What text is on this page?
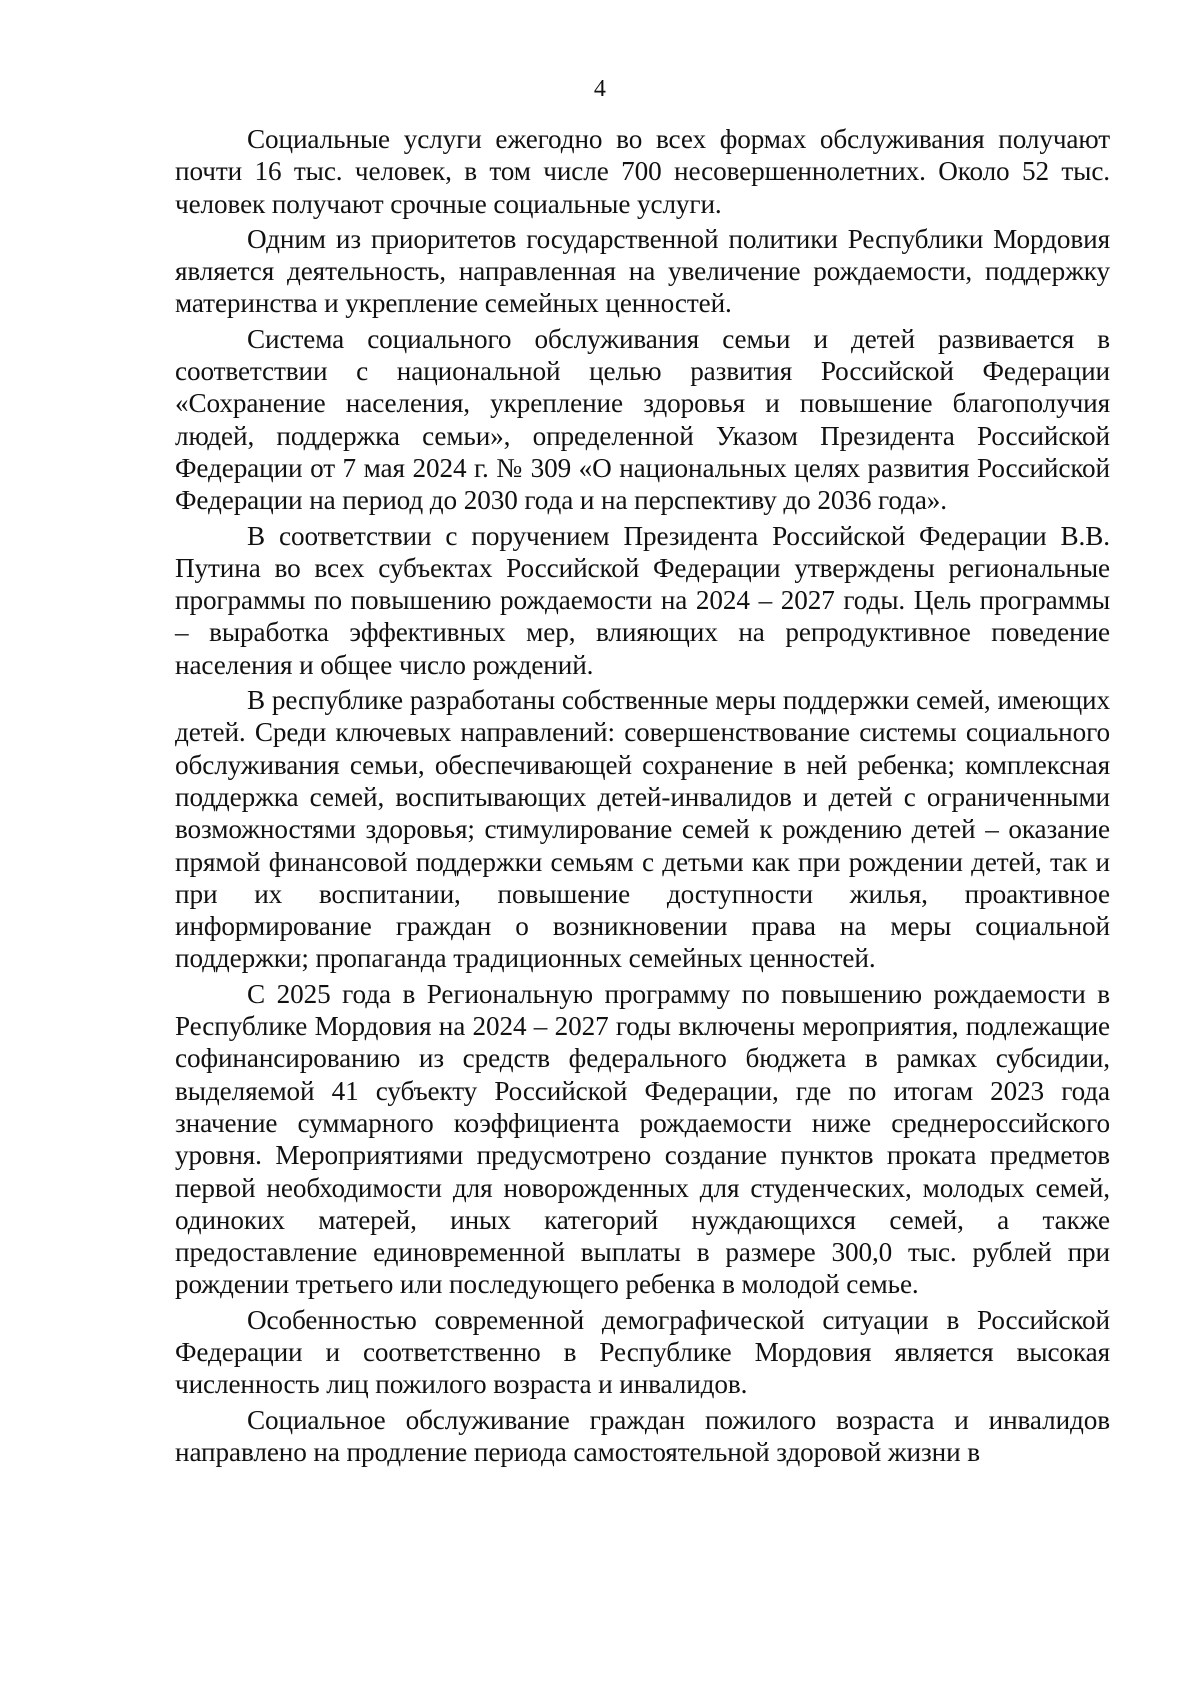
4

Социальные услуги ежегодно во всех формах обслуживания получают почти 16 тыс. человек, в том числе 700 несовершеннолетних. Около 52 тыс. человек получают срочные социальные услуги.

Одним из приоритетов государственной политики Республики Мордовия является деятельность, направленная на увеличение рождаемости, поддержку материнства и укрепление семейных ценностей.

Система социального обслуживания семьи и детей развивается в соответствии с национальной целью развития Российской Федерации «Сохранение населения, укрепление здоровья и повышение благополучия людей, поддержка семьи», определенной Указом Президента Российской Федерации от 7 мая 2024 г. № 309 «О национальных целях развития Российской Федерации на период до 2030 года и на перспективу до 2036 года».

В соответствии с поручением Президента Российской Федерации В.В. Путина во всех субъектах Российской Федерации утверждены региональные программы по повышению рождаемости на 2024 – 2027 годы. Цель программы – выработка эффективных мер, влияющих на репродуктивное поведение населения и общее число рождений.

В республике разработаны собственные меры поддержки семей, имеющих детей. Среди ключевых направлений: совершенствование системы социального обслуживания семьи, обеспечивающей сохранение в ней ребенка; комплексная поддержка семей, воспитывающих детей-инвалидов и детей с ограниченными возможностями здоровья; стимулирование семей к рождению детей – оказание прямой финансовой поддержки семьям с детьми как при рождении детей, так и при их воспитании, повышение доступности жилья, проактивное информирование граждан о возникновении права на меры социальной поддержки; пропаганда традиционных семейных ценностей.

С 2025 года в Региональную программу по повышению рождаемости в Республике Мордовия на 2024 – 2027 годы включены мероприятия, подлежащие софинансированию из средств федерального бюджета в рамках субсидии, выделяемой 41 субъекту Российской Федерации, где по итогам 2023 года значение суммарного коэффициента рождаемости ниже среднероссийского уровня. Мероприятиями предусмотрено создание пунктов проката предметов первой необходимости для новорожденных для студенческих, молодых семей, одиноких матерей, иных категорий нуждающихся семей, а также предоставление единовременной выплаты в размере 300,0 тыс. рублей при рождении третьего или последующего ребенка в молодой семье.

Особенностью современной демографической ситуации в Российской Федерации и соответственно в Республике Мордовия является высокая численность лиц пожилого возраста и инвалидов.

Социальное обслуживание граждан пожилого возраста и инвалидов направлено на продление периода самостоятельной здоровой жизни в
